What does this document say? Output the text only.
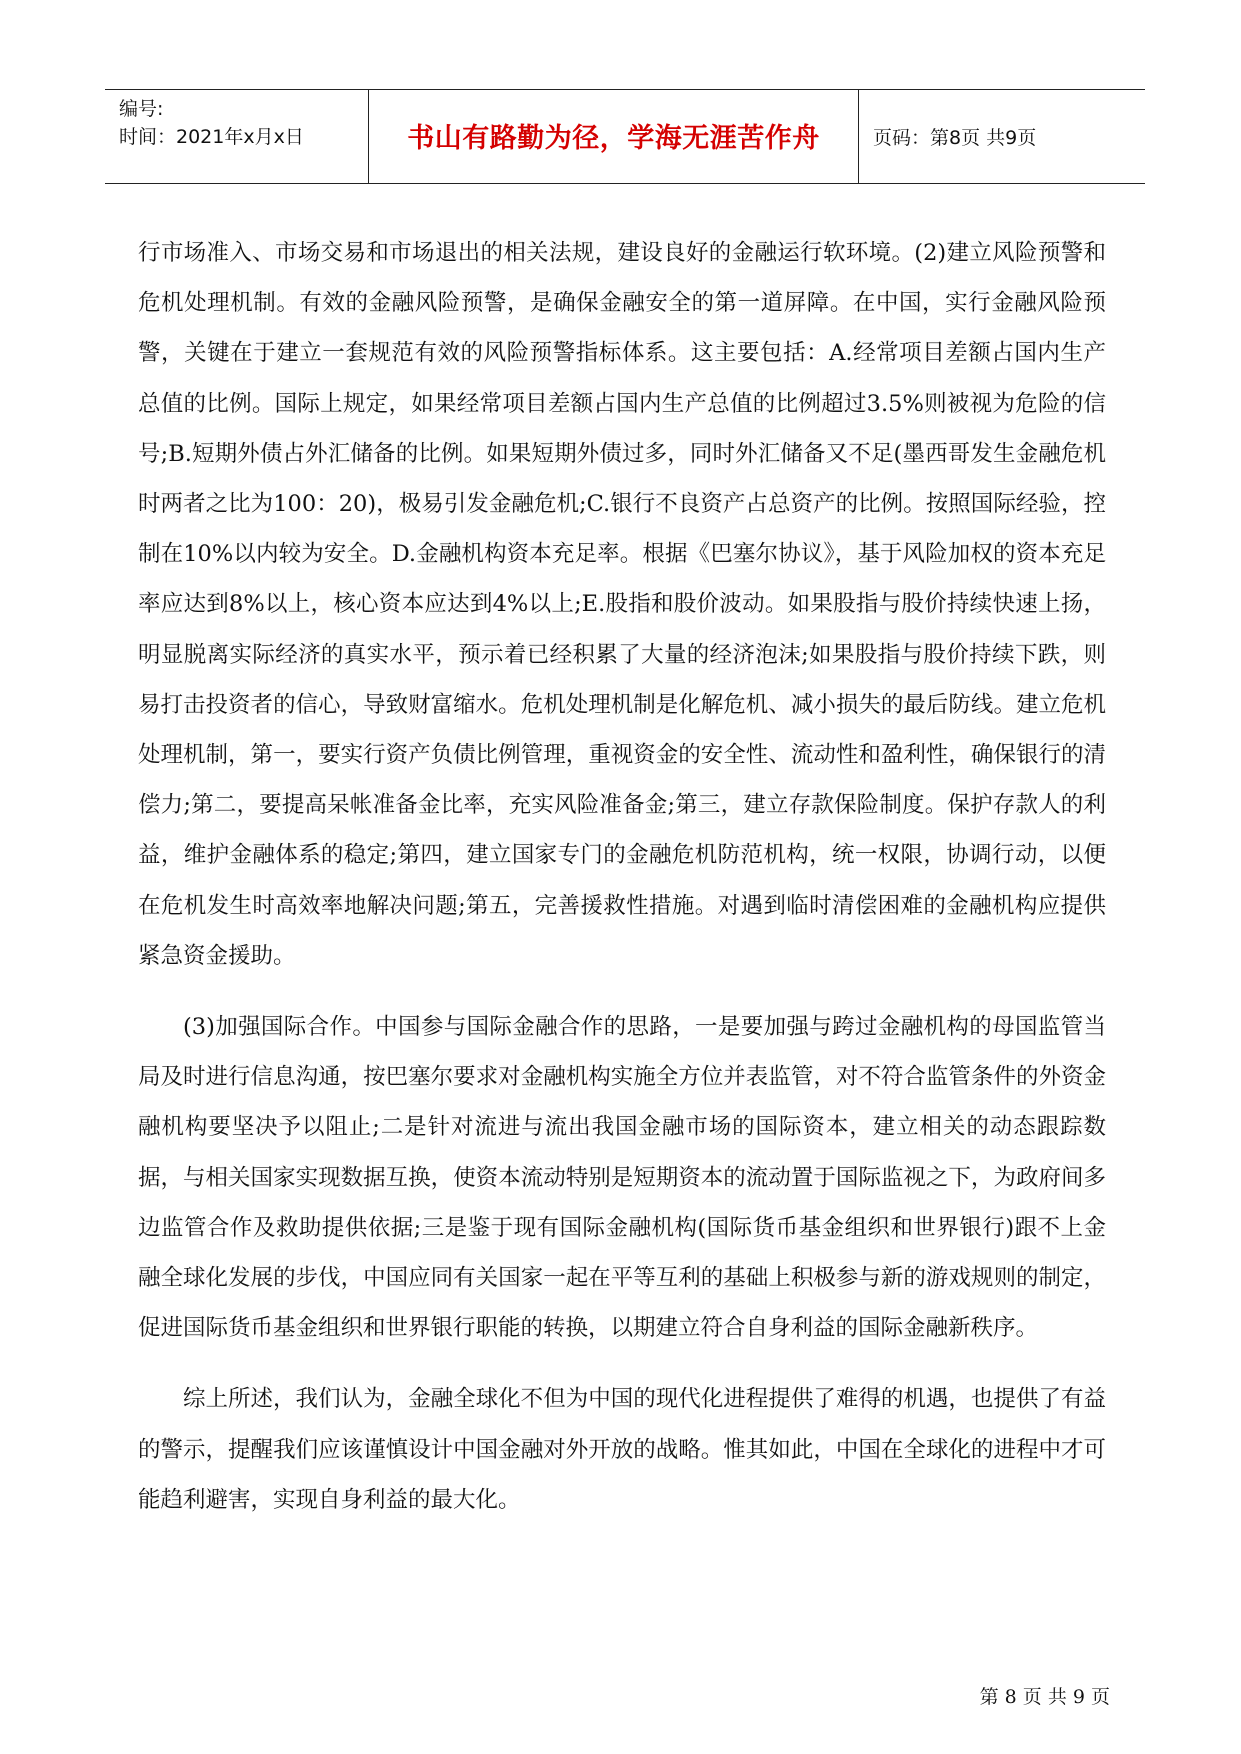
编号:
时间：2021年x月x日	书山有路勤为径，学海无涯苦作舟	页码：第8页 共9页

行市场准入、市场交易和市场退出的相关法规，建设良好的金融运行软环境。(2)建立风险预警和危机处理机制。有效的金融风险预警，是确保金融安全的第一道屏障。在中国，实行金融风险预警，关键在于建立一套规范有效的风险预警指标体系。这主要包括：A.经常项目差额占国内生产总值的比例。国际上规定，如果经常项目差额占国内生产总值的比例超过3.5%则被视为危险的信号;B.短期外债占外汇储备的比例。如果短期外债过多，同时外汇储备又不足(墨西哥发生金融危机时两者之比为100：20)，极易引发金融危机;C.银行不良资产占总资产的比例。按照国际经验，控制在10%以内较为安全。D.金融机构资本充足率。根据《巴塞尔协议》，基于风险加权的资本充足率应达到8%以上，核心资本应达到4%以上;E.股指和股价波动。如果股指与股价持续快速上扬，明显脱离实际经济的真实水平，预示着已经积累了大量的经济泡沫;如果股指与股价持续下跌，则易打击投资者的信心，导致财富缩水。危机处理机制是化解危机、减小损失的最后防线。建立危机处理机制，第一，要实行资产负债比例管理，重视资金的安全性、流动性和盈利性，确保银行的清偿力;第二，要提高呆帐准备金比率，充实风险准备金;第三，建立存款保险制度。保护存款人的利益，维护金融体系的稳定;第四，建立国家专门的金融危机防范机构，统一权限，协调行动，以便在危机发生时高效率地解决问题;第五，完善援救性措施。对遇到临时清偿困难的金融机构应提供紧急资金援助。

(3)加强国际合作。中国参与国际金融合作的思路，一是要加强与跨过金融机构的母国监管当局及时进行信息沟通，按巴塞尔要求对金融机构实施全方位并表监管，对不符合监管条件的外资金融机构要坚决予以阻止;二是针对流进与流出我国金融市场的国际资本，建立相关的动态跟踪数据，与相关国家实现数据互换，使资本流动特别是短期资本的流动置于国际监视之下，为政府间多边监管合作及救助提供依据;三是鉴于现有国际金融机构(国际货币基金组织和世界银行)跟不上金融全球化发展的步伐，中国应同有关国家一起在平等互利的基础上积极参与新的游戏规则的制定，促进国际货币基金组织和世界银行职能的转换，以期建立符合自身利益的国际金融新秩序。

综上所述，我们认为，金融全球化不但为中国的现代化进程提供了难得的机遇，也提供了有益的警示，提醒我们应该谨慎设计中国金融对外开放的战略。惟其如此，中国在全球化的进程中才可能趋利避害，实现自身利益的最大化。

第 8 页 共 9 页
